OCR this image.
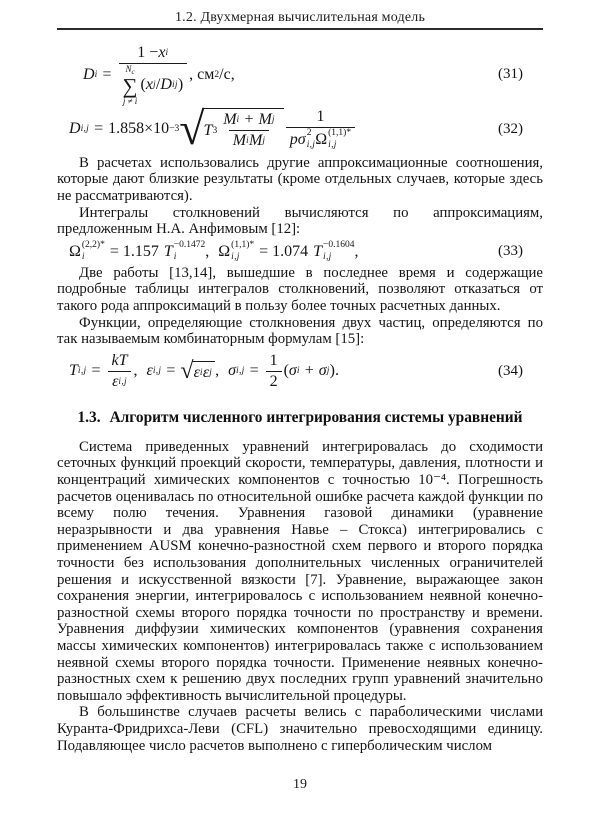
1.2. Двухмерная вычислительная модель
D i =
1 − x i
$N_c$
∑
j ≠ i
( x j / D ij )
, см 2 /с,	(31)
D i,j = 1.858×10 −3 √ T $3 \frac{\text{M i + M j}}{\text{M i M j}} 1$
p σ 2
i,j Ω (1,1)*
i,j	(32)

В расчетах использовались другие аппроксимационные соотношения, которые дают близкие результаты (кроме отдельных случаев, которые здесь не рассматриваются).

Интегралы столкновений вычисляются по аппроксимациям, предложенным Н.А. Анфимовым [12]:

Ω (2,2)*
i = 1.157 T −0.1472
i , Ω (1,1)*
i,j = 1.074 T −0.1604
i,j ,	(33)

Две работы [13,14], вышедшие в последнее время и содержащие подробные таблицы интегралов столкновений, позволяют отказаться от такого рода аппроксимаций в пользу более точных расчетных данных.

Функции, определяющие столкновения двух частиц, определяются по так называемым комбинаторным формулам [15]:

T $i,j = \frac{kT}{\text{ε i,j}}$ , ε i,j = √ ε i ε j , σ $i,j = \frac{1}{2}$ ( σ i + σ j ) .	(34)
1.3. Алгоритм численного интегрирования системы уравнений

Система приведенных уравнений интегрировалась до сходимости сеточных функций проекций скорости, температуры, давления, плотности и концентраций химических компонентов с точностью 10⁻⁴. Погрешность расчетов оценивалась по относительной ошибке расчета каждой функции по всему полю течения. Уравнения газовой динамики (уравнение неразрывности и два уравнения Навье – Стокса) интегрировались с применением AUSM конечно-разностной схем первого и второго порядка точности без использования дополнительных численных ограничителей решения и искусственной вязкости [7]. Уравнение, выражающее закон сохранения энергии, интегрировалось с использованием неявной конечно-разностной схемы второго порядка точности по пространству и времени. Уравнения диффузии химических компонентов (уравнения сохранения массы химических компонентов) интегрировалась также с использованием неявной схемы второго порядка точности. Применение неявных конечно-разностных схем к решению двух последних групп уравнений значительно повышало эффективность вычислительной процедуры.

В большинстве случаев расчеты велись с параболическими числами Куранта-Фридрихса-Леви (CFL) значительно превосходящими единицу. Подавляющее число расчетов выполнено с гиперболическим числом

19
